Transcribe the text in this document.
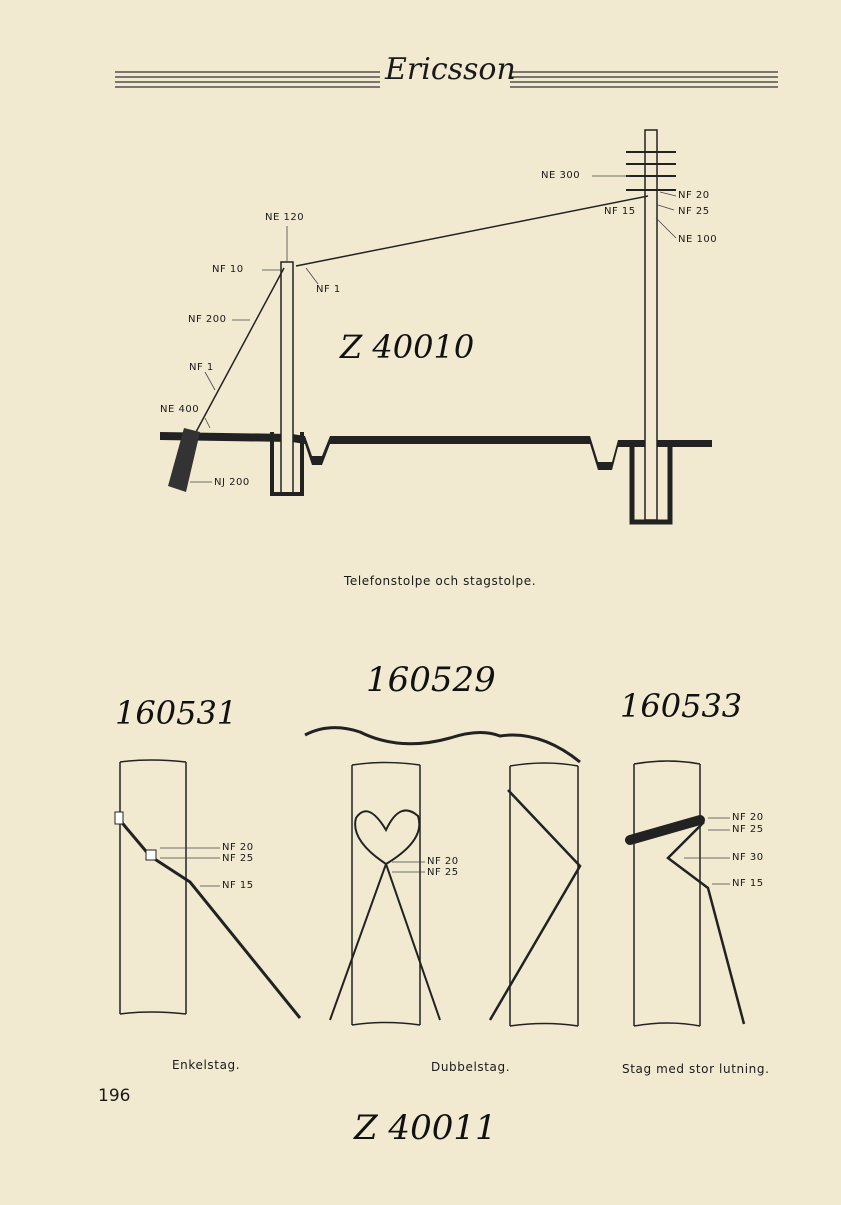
Ericsson
NE 300
NE 120
NF 20
NF 15	NF 25
NE 100
NF 10
NF 1
NF 200
NF 1
NE 400
NJ 200
Z 40010
Telefonstolpe och stagstolpe.
160531
160529
160533
NF 20
NF 25
NF 15
NF 20
NF 25
NF 20
NF 25
NF 30
NF 15
Enkelstag.	Dubbelstag.	Stag med stor lutning.
196
Z 40011
